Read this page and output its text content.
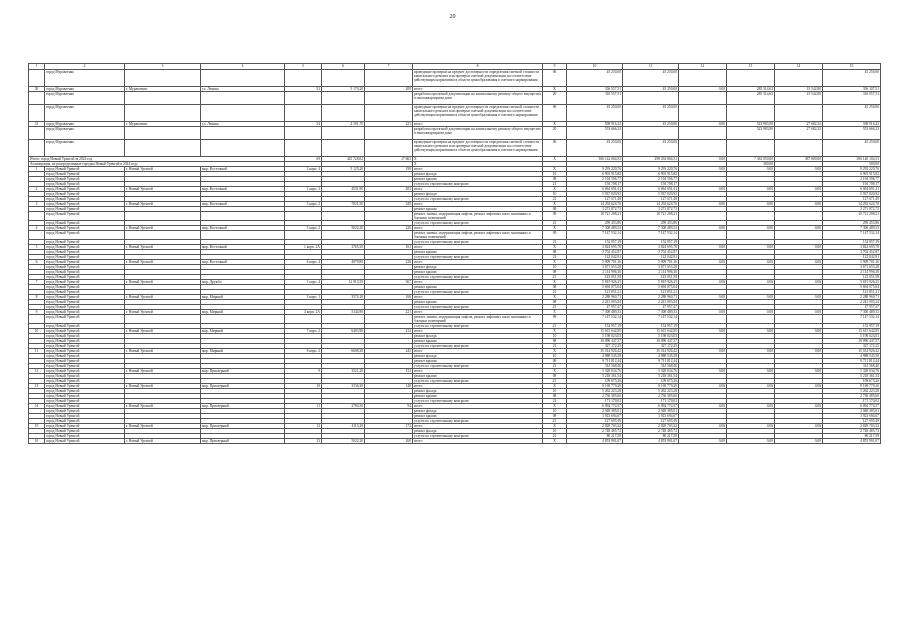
20
1	2	3	4	5	6	7	8	9	10	11	12	13	14	15
	город Муравленко						проведение проверки на предмет достоверности определения сметной стоимости капитального ремонта или проверки сметной документации на соответствие действующим нормативам в области ценообразования в сметного нормирования	06	45 250,00	45 250,00				45 250,00
30	город Муравленко	г. Муравленко	ул. Ленина	52	5 170,20	209	итого	X	356 557,51	45 250,00	0,00	285 314,63	15 542,80	356 107,51
	город Муравленко						разработка проектной документации на капитальному ремонту общего имущества в многоквартирном доме	20	310 557,51			285 314,63	15 542,80	310 057,51
	город Муравленко						проведение проверки на предмет достоверности определения сметной стоимости капитального ремонта или проверки сметной документации на соответствие действующим нормативам в области ценообразования в сметного нормирования	06	45 250,00	45 250,00				45 250,00
31	город Муравленко	г. Муравленко	ул. Ленина	54	4 301,70	221	итого	X	598 916,32	45 250,00	0,00	523 983,90	27 682,32	598 916,32
	город Муравленко						разработка проектной документации на капитальному ремонту общего имущества в многоквартирном доме	20	553 666,32			523 983,90	27 682,32	553 666,32
	город Муравленко						проведение проверки на предмет достоверности определения сметной стоимости капитального ремонта или проверки сметной документации на соответствие действующим нормативам в области ценообразования в сметного нормирования	06	45 250,00	45 250,00				45 250,00
Итого: город Новый Уренгой за 2024 год				69	425 728,02	17 663	X	X	306 142 004,53	298 292 804,51	0,00	7 363 050,00	387 800,00	306 140 104,53
Агломерация, не распределенные городам Новый Уренгой в 2024 году							X					300,00		500,00
1	город Новый Уренгой	г. Новый Уренгой	мкр. Восточный	2 корп. 4	5 125,20	199	итого	X	9 293 220,76	9 293 220,76	0,00	0,00	0,00	9 293 220,76
	город Новый Уренгой						ремонт фасада	10	6 903 915,82	6 903 915,82				6 903 915,82
	город Новый Уренгой						ремонт крыши	08	2 194 596,77	2 194 596,77				2 194 596,77
	город Новый Уренгой						услуги по строительному контролю	21	194 708,17	194 708,17				194 708,17
2	город Новый Уренгой	г. Новый Уренгой	мкр. Восточный	1 корп. 3	4531,90	203	итого	X	6 064 691,41	6 064 691,41	0,00	0,00	0,00	6 064 691,41
	город Новый Уренгой						ремонт фасада	10	5 937 820,92	5 937 820,92				5 937 820,92
	город Новый Уренгой						услуги по строительному контролю	21	127 671,49	127 671,49				127 671,49
3	город Новый Уренгой	г. Новый Уренгой	мкр. Восточный	3 корп. 2	7821,50	349	итого	X	14 292 624,76	14 292 624,76	0,00	0,00	0,00	14 292 624,76
	город Новый Уренгой						ремонт крыши	08	3 271 872,73	3 271 872,73				3 271 872,73
	город Новый Уренгой						ремонт, замена, модернизация лифтов, ремонт лифтовых шахт, машинных и блочных помещений	09	10 721 298,21	10 721 298,21				10 721 298,21
	город Новый Уренгой						услуги по строительному контролю	21	299 453,86	299 453,86				299 453,86
4	город Новый Уренгой	г. Новый Уренгой	мкр. Восточный	5 корп. 2	5022,20	226	итого	X	7 300 489,33	7 300 489,33	0,00	0,00	0,00	7 300 489,33
	город Новый Уренгой						ремонт, замена, модернизация лифтов, ремонт лифтовых шахт, машинных и блочных помещений	09	7 147 532,14	7 147 532,14				7 147 532,14
	город Новый Уренгой						услуги по строительному контролю	21	152 957,19	152 957,19				152 957,19
5	город Новый Уренгой	г. Новый Уренгой	мкр. Восточный	1 корп. 2А	3765,50	161	итого	X	3 824 695,78	3 824 695,78	0,00	0,00	0,00	3 824 695,78
	город Новый Уренгой						ремонт крыши	08	3 702 452,87	3 702 452,87				3 702 452,87
	город Новый Уренгой						услуги по строительному контролю	21	122 042,91	122 042,91				122 042,91
6	город Новый Уренгой	г. Новый Уренгой	мкр. Восточный	6 корп. 4	4979,80	226	итого	X	5 909 701,16	5 909 701,16	0,00	0,00	0,00	5 909 701,16
	город Новый Уренгой						ремонт фасада	10	3 671 653,28	3 671 653,28				3 671 653,28
	город Новый Уренгой						ремонт крыши	08	2 114 996,30	2 114 996,30				2 114 996,30
	город Новый Уренгой						услуги по строительному контролю	21	123 051,58	123 051,58				123 051,58
7	город Новый Уренгой	г. Новый Уренгой	мкр. Дружба	1 корп. 4	12 913,50	367	итого	X	5 815 926,25	5 815 926,25	0,00	0,00	0,00	5 815 926,25
	город Новый Уренгой						ремонт крыши	08	5 694 075,04	5 694 075,04				5 694 075,04
	город Новый Уренгой						услуги по строительному контролю	21	121 851,21	121 851,21				121 851,21
8	город Новый Уренгой	г. Новый Уренгой	мкр. Мирный	3 корп. 1	3574,10	166	итого	X	2 288 960,71	2 288 960,71	0,00	0,00	0,00	2 288 960,71
	город Новый Уренгой						ремонт крыши	08	2 241 003,24	2 241 003,24				2 241 003,24
	город Новый Уренгой						услуги по строительному контролю	21	47 957,47	47 957,47				47 957,47
9	город Новый Уренгой	г. Новый Уренгой	мкр. Мирный	4 корп. 2А	5344,90	221	итого	X	7 300 489,33	7 300 489,33	0,00	0,00	0,00	7 300 489,33
	город Новый Уренгой						ремонт, замена, модернизация лифтов, ремонт лифтовых шахт, машинных и блочных помещений	09	7 147 532,14	7 147 532,14				7 147 532,14
	город Новый Уренгой						услуги по строительному контролю	21	152 957,19	152 957,19				152 957,19
10	город Новый Уренгой	г. Новый Уренгой	мкр. Мирный	7 корп. 2	6403,90	212	итого	X	15 615 642,85	15 615 642,85	0,00	0,00	0,00	15 615 642,85
	город Новый Уренгой						ремонт фасада	10	5 198 023,03	5 198 023,03				5 198 023,03
	город Новый Уренгой						ремонт крыши	08	10 090 447,57	10 090 447,57				10 090 447,57
	город Новый Уренгой						услуги по строительному контролю	21	327 172,25	327 172,25				327 172,25
11	город Новый Уренгой	г. Новый Уренгой	мкр. Мирный	8 корп. 2	6608,30	245	итого	X	15 014 926,42	15 014 926,42	0,00	0,00	0,00	15 014 926,42
	город Новый Уренгой						ремонт фасада	10	4 988 545,58	4 988 545,58				4 988 545,58
	город Новый Уренгой						ремонт крыши	08	9 711 812,44	9 711 812,44				9 711 812,44
	город Новый Уренгой						услуги по строительному контролю	21	314 568,40	314 568,40				314 568,40
12	город Новый Уренгой	г. Новый Уренгой	мкр. Приозерный	9	3521,20	153	итого	X	5 328 034,76	5 328 034,76	0,00	0,00	0,00	5 328 034,76
	город Новый Уренгой						ремонт крыши	08	5 218 361,54	5 218 361,54				5 218 361,54
	город Новый Уренгой						услуги по строительному контролю	21	109 673,26	109 673,26				109 673,26
13	город Новый Уренгой	г. Новый Уренгой	мкр. Приозерный	10	3336,30	148	итого	X	8 169 779,20	8 169 779,20	0,00	0,00	0,00	8 169 779,20
	город Новый Уренгой						ремонт фасада	10	5 262 223,28	5 262 223,28				5 262 223,28
	город Новый Уренгой						ремонт крыши	08	2 736 385,60	2 736 385,60				2 736 385,60
	город Новый Уренгой						услуги по строительному контролю	21	171 170,02	171 170,02				171 170,02
14	город Новый Уренгой	г. Новый Уренгой	мкр. Приозерный	11	2784,50	94	итого	X	6 094 774,57	6 094 774,57	0,00	0,00	0,00	6 094 774,57
	город Новый Уренгой						ремонт фасада	10	2 048 385,01	2 048 385,01				2 048 385,01
	город Новый Уренгой						ремонт крыши	08	3 923 694,67	3 923 694,67				3 923 694,67
	город Новый Уренгой						услуги по строительному контролю	21	127 695,49	127 695,49				127 695,49
15	город Новый Уренгой	г. Новый Уренгой	мкр. Приозерный	13	4113,20	172	итого	X	2 828 703,32	2 828 703,32	0,00	0,00	0,00	2 828 703,32
	город Новый Уренгой						ремонт фасада	10	2 748 485,73	2 748 485,73				2 748 485,73
	город Новый Уренгой						услуги по строительному контролю	21	80 217,59	80 217,59				80 217,59
16	город Новый Уренгой	г. Новый Уренгой	мкр. Приозерный	13	5022,30	260	итого	X	4 855 901,07	4 855 901,07	0,00	0,00	0,00	4 855 901,07
